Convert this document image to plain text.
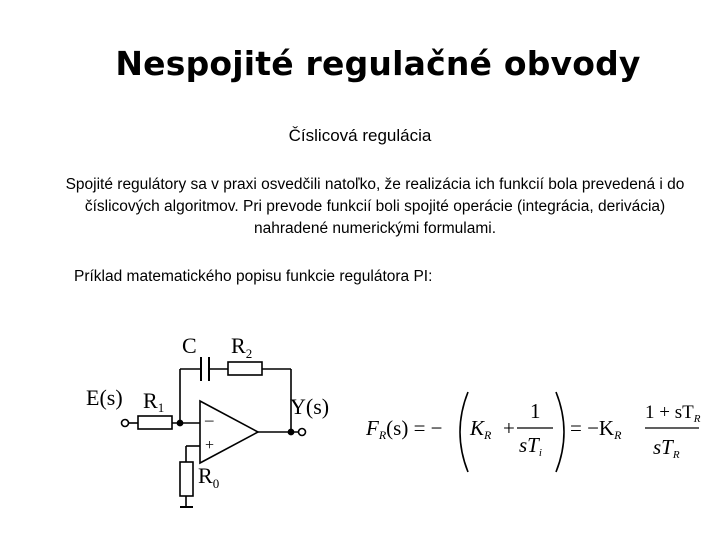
Nespojité regulačné obvody
Číslicová regulácia
Spojité regulátory sa v praxi osvedčili natoľko, že realizácia ich funkcií bola prevedená i do číslicových algoritmov. Pri prevode funkcií boli spojité operácie (integrácia, derivácia) nahradené numerickými formulami.
Príklad matematického popisu funkcie regulátora PI:
–
+
E(s)	Y(s)
R1
C $R_2$
$R_0$
FR(s) = − KR +
1
sTi
= −KR
$1 + sT_R$
sTR
